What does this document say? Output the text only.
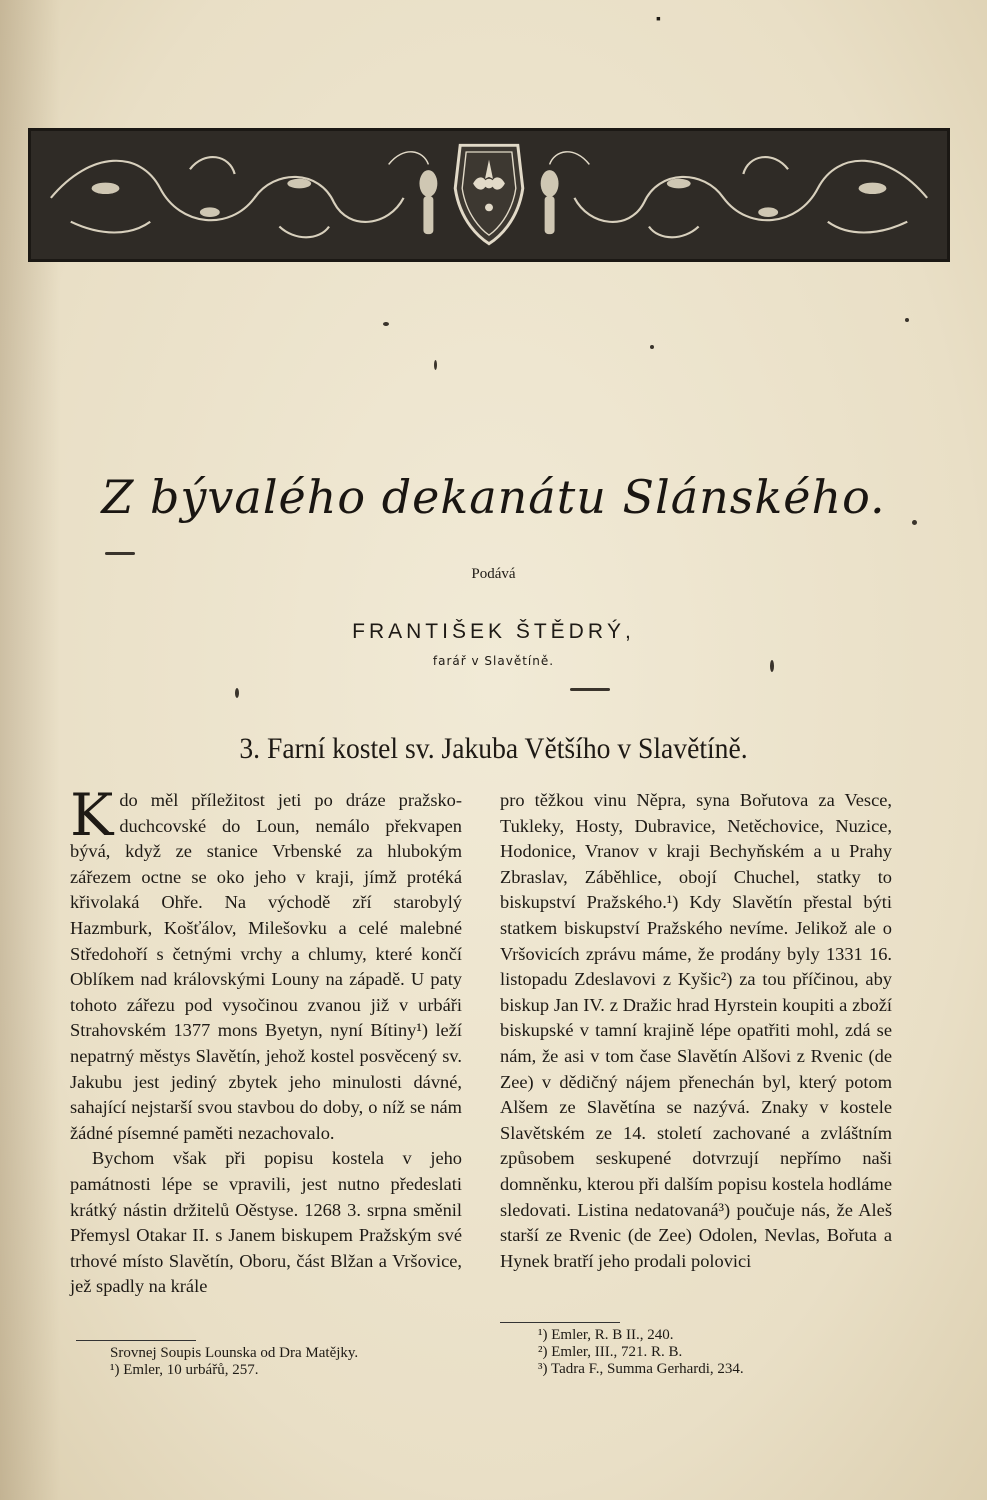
▪
Z bývalého dekanátu Slánského.
Podává
FRANTIŠEK ŠTĚDRÝ,
farář v Slavětíně.
3. Farní kostel sv. Jakuba Většího v Slavětíně.

Kdo měl příležitost jeti po dráze pražsko-duchcovské do Loun, nemálo překvapen bývá, když ze stanice Vrbenské za hlubokým zářezem octne se oko jeho v kraji, jímž protéká křivolaká Ohře. Na východě zří starobylý Hazmburk, Košťálov, Milešovku a celé malebné Středohoří s četnými vrchy a chlumy, které končí Oblíkem nad královskými Louny na západě. U paty tohoto zářezu pod vysočinou zvanou již v urbáři Strahovském 1377 mons Byetyn, nyní Bítiny¹) leží nepatrný městys Slavětín, jehož kostel posvěcený sv. Jakubu jest jediný zbytek jeho minulosti dávné, sahající nejstarší svou stavbou do doby, o níž se nám žádné písemné paměti nezachovalo.

Bychom však při popisu kostela v jeho památnosti lépe se vpravili, jest nutno předeslati krátký nástin držitelů Oěstyse. 1268 3. srpna směnil Přemysl Otakar II. s Janem biskupem Pražským své trhové místo Slavětín, Oboru, část Blžan a Vršovice, jež spadly na krále

pro těžkou vinu Něpra, syna Bořutova za Vesce, Tukleky, Hosty, Dubravice, Netěchovice, Nuzice, Hodonice, Vranov v kraji Bechyňském a u Prahy Zbraslav, Záběhlice, obojí Chuchel, statky to biskupství Pražského.¹) Kdy Slavětín přestal býti statkem biskupství Pražského nevíme. Jelikož ale o Vršovicích zprávu máme, že prodány byly 1331 16. listopadu Zdeslavovi z Kyšic²) za tou příčinou, aby biskup Jan IV. z Dražic hrad Hyrstein koupiti a zboží biskupské v tamní krajině lépe opatřiti mohl, zdá se nám, že asi v tom čase Slavětín Alšovi z Rvenic (de Zee) v dědičný nájem přenechán byl, který potom Alšem ze Slavětína se nazývá. Znaky v kostele Slavětském ze 14. století zachované a zvláštním způsobem seskupené dotvrzují nepřímo naši domněnku, kterou při dalším popisu kostela hodláme sledovati. Listina nedatovaná³) poučuje nás, že Aleš starší ze Rvenic (de Zee) Odolen, Nevlas, Bořuta a Hynek bratří jeho prodali polovici

Srovnej Soupis Lounska od Dra Matějky.
¹) Emler, 10 urbářů, 257.
¹) Emler, R. B II., 240.
²) Emler, III., 721. R. B.
³) Tadra F., Summa Gerhardi, 234.
